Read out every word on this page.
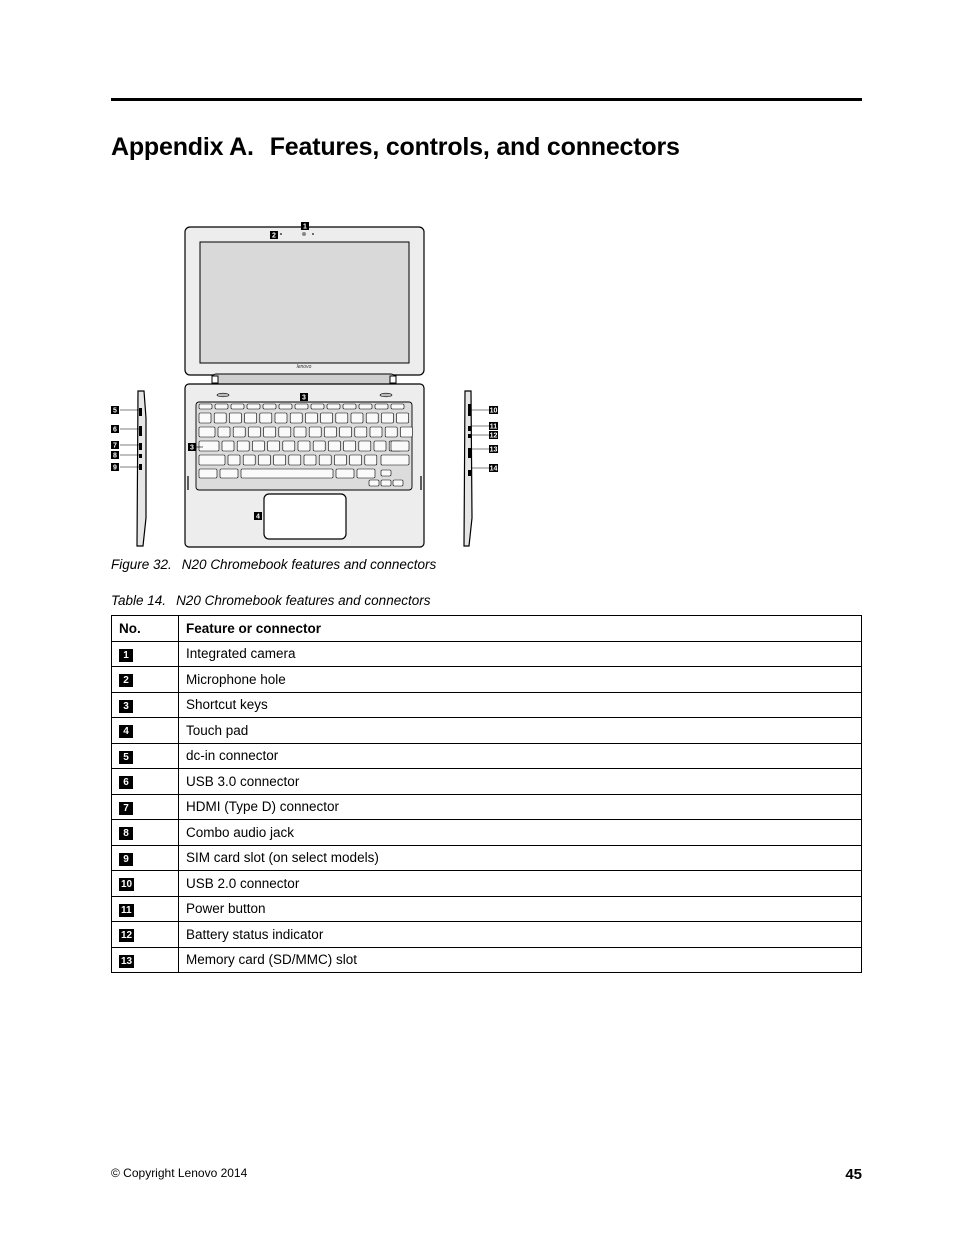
Appendix A. Features, controls, and connectors
lenovo
1
2
3
4
5
6
7
8
9
10
11
12
13
14
3
Figure 32. N20 Chromebook features and connectors
Table 14. N20 Chromebook features and connectors
No.	Feature or connector
1	Integrated camera
2	Microphone hole
3	Shortcut keys
4	Touch pad
5	dc-in connector
6	USB 3.0 connector
7	HDMI (Type D) connector
8	Combo audio jack
9	SIM card slot (on select models)
10	USB 2.0 connector
11	Power button
12	Battery status indicator
13	Memory card (SD/MMC) slot
© Copyright Lenovo 2014	45
